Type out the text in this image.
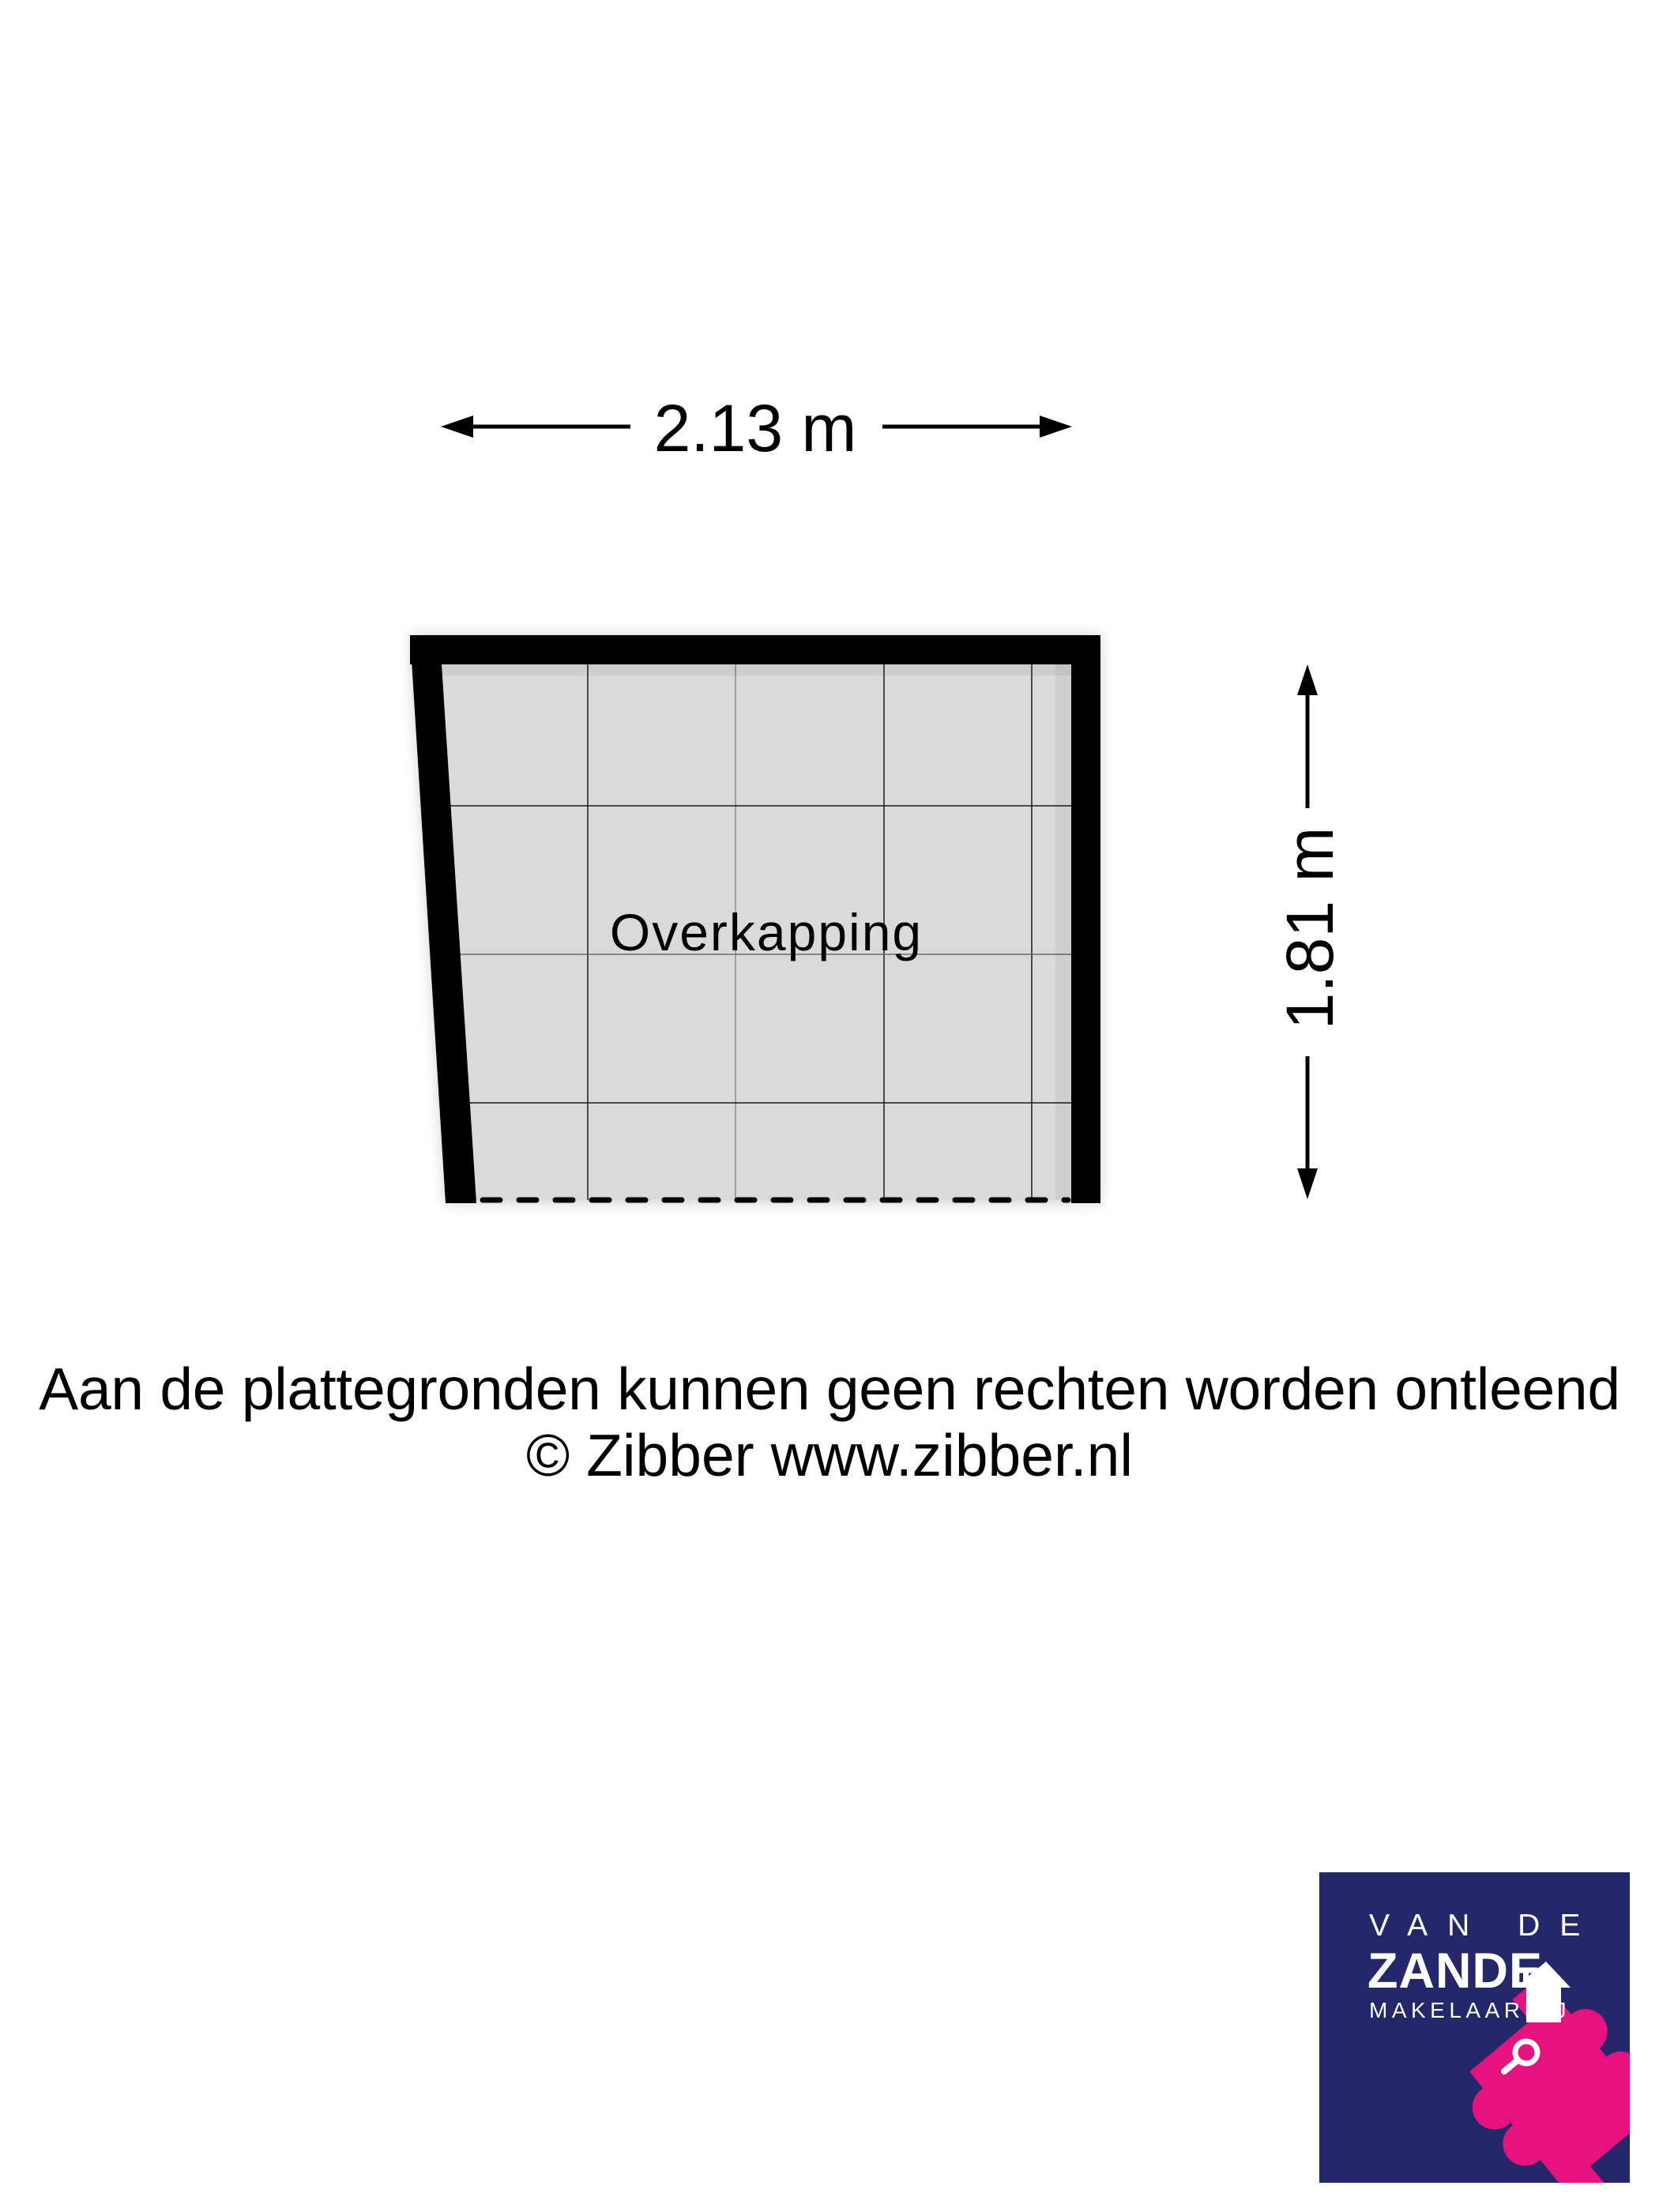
2.13 m
1.81 m
Overkapping
Aan de plattegronden kunnen geen rechten worden ontleend
© Zibber www.zibber.nl
VAN DE
ZANDE
MAKELAARDIJ
